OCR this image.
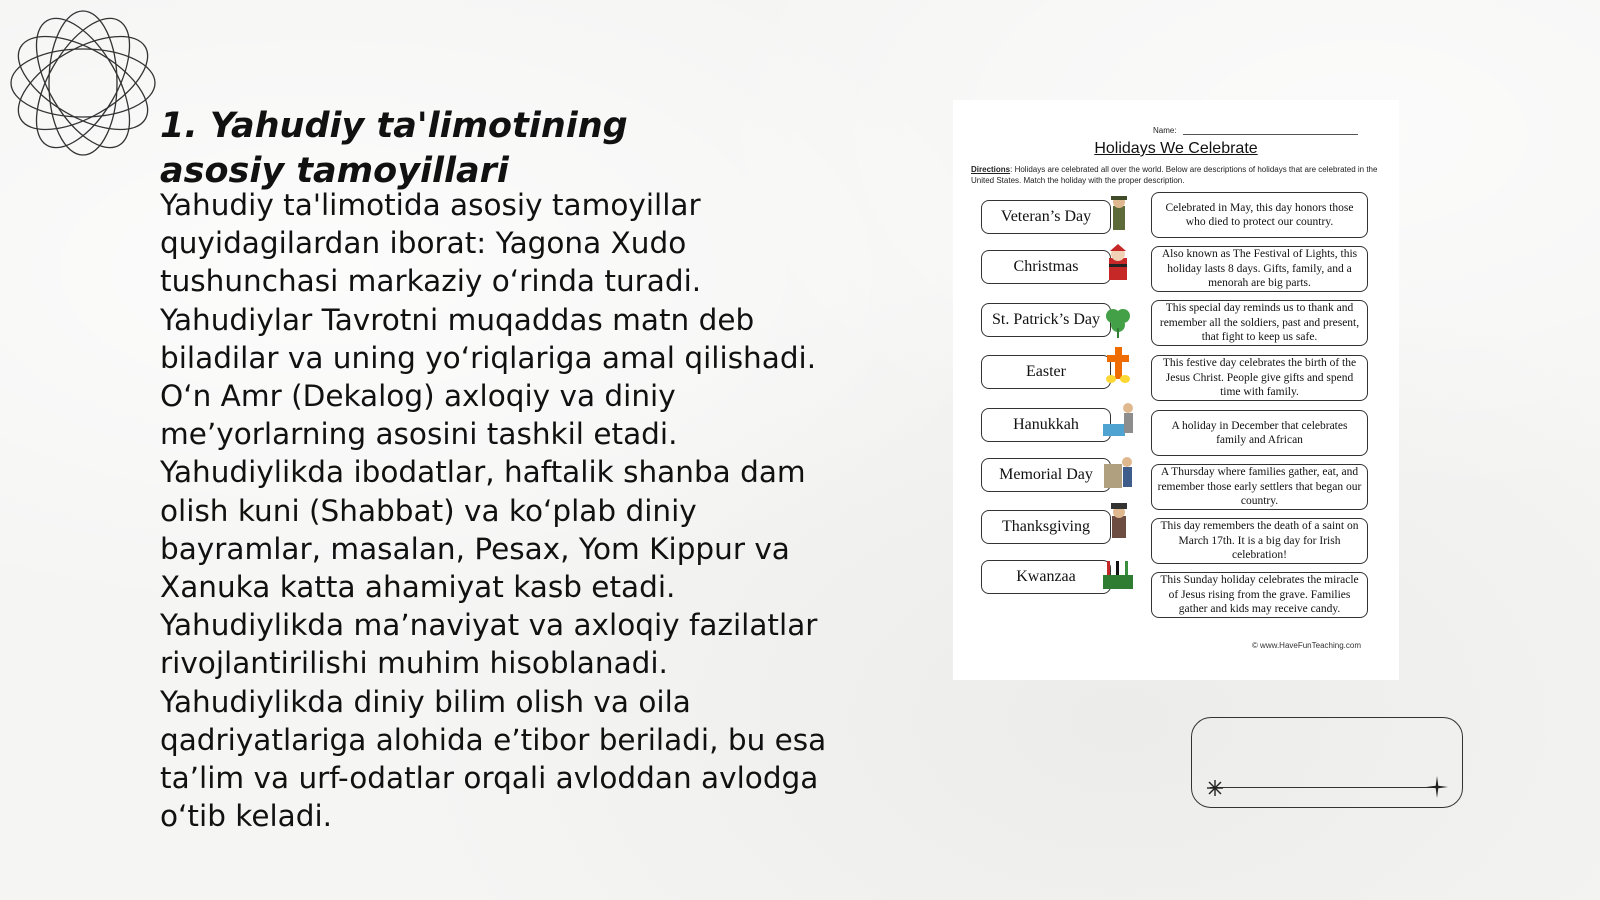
1. Yahudiy ta'limotining asosiy tamoyillari

Yahudiy ta'limotida asosiy tamoyillar quyidagilardan iborat: Yagona Xudo tushunchasi markaziy o‘rinda turadi. Yahudiylar Tavrotni muqaddas matn deb biladilar va uning yo‘riqlariga amal qilishadi. O‘n Amr (Dekalog) axloqiy va diniy me’yorlarning asosini tashkil etadi. Yahudiylikda ibodatlar, haftalik shanba dam olish kuni (Shabbat) va ko‘plab diniy bayramlar, masalan, Pesax, Yom Kippur va Xanuka katta ahamiyat kasb etadi. Yahudiylikda ma’naviyat va axloqiy fazilatlar rivojlantirilishi muhim hisoblanadi. Yahudiylikda diniy bilim olish va oila qadriyatlariga alohida e’tibor beriladi, bu esa ta’lim va urf-odatlar orqali avloddan avlodga o‘tib keladi.

Name:
Holidays We Celebrate
Directions: Holidays are celebrated all over the world. Below are descriptions of holidays that are celebrated in the United States. Match the holiday with the proper description.
Veteran’s Day
Christmas
St. Patrick’s Day
Easter
Hanukkah
Memorial Day
Thanksgiving
Kwanzaa
Celebrated in May, this day honors those who died to protect our country.
Also known as The Festival of Lights, this holiday lasts 8 days. Gifts, family, and a menorah are big parts.
This special day reminds us to thank and remember all the soldiers, past and present, that fight to keep us safe.
This festive day celebrates the birth of the Jesus Christ. People give gifts and spend time with family.
A holiday in December that celebrates family and African
A Thursday where families gather, eat, and remember those early settlers that began our country.
This day remembers the death of a saint on March 17th. It is a big day for Irish celebration!
This Sunday holiday celebrates the miracle of Jesus rising from the grave. Families gather and kids may receive candy.
© www.HaveFunTeaching.com
